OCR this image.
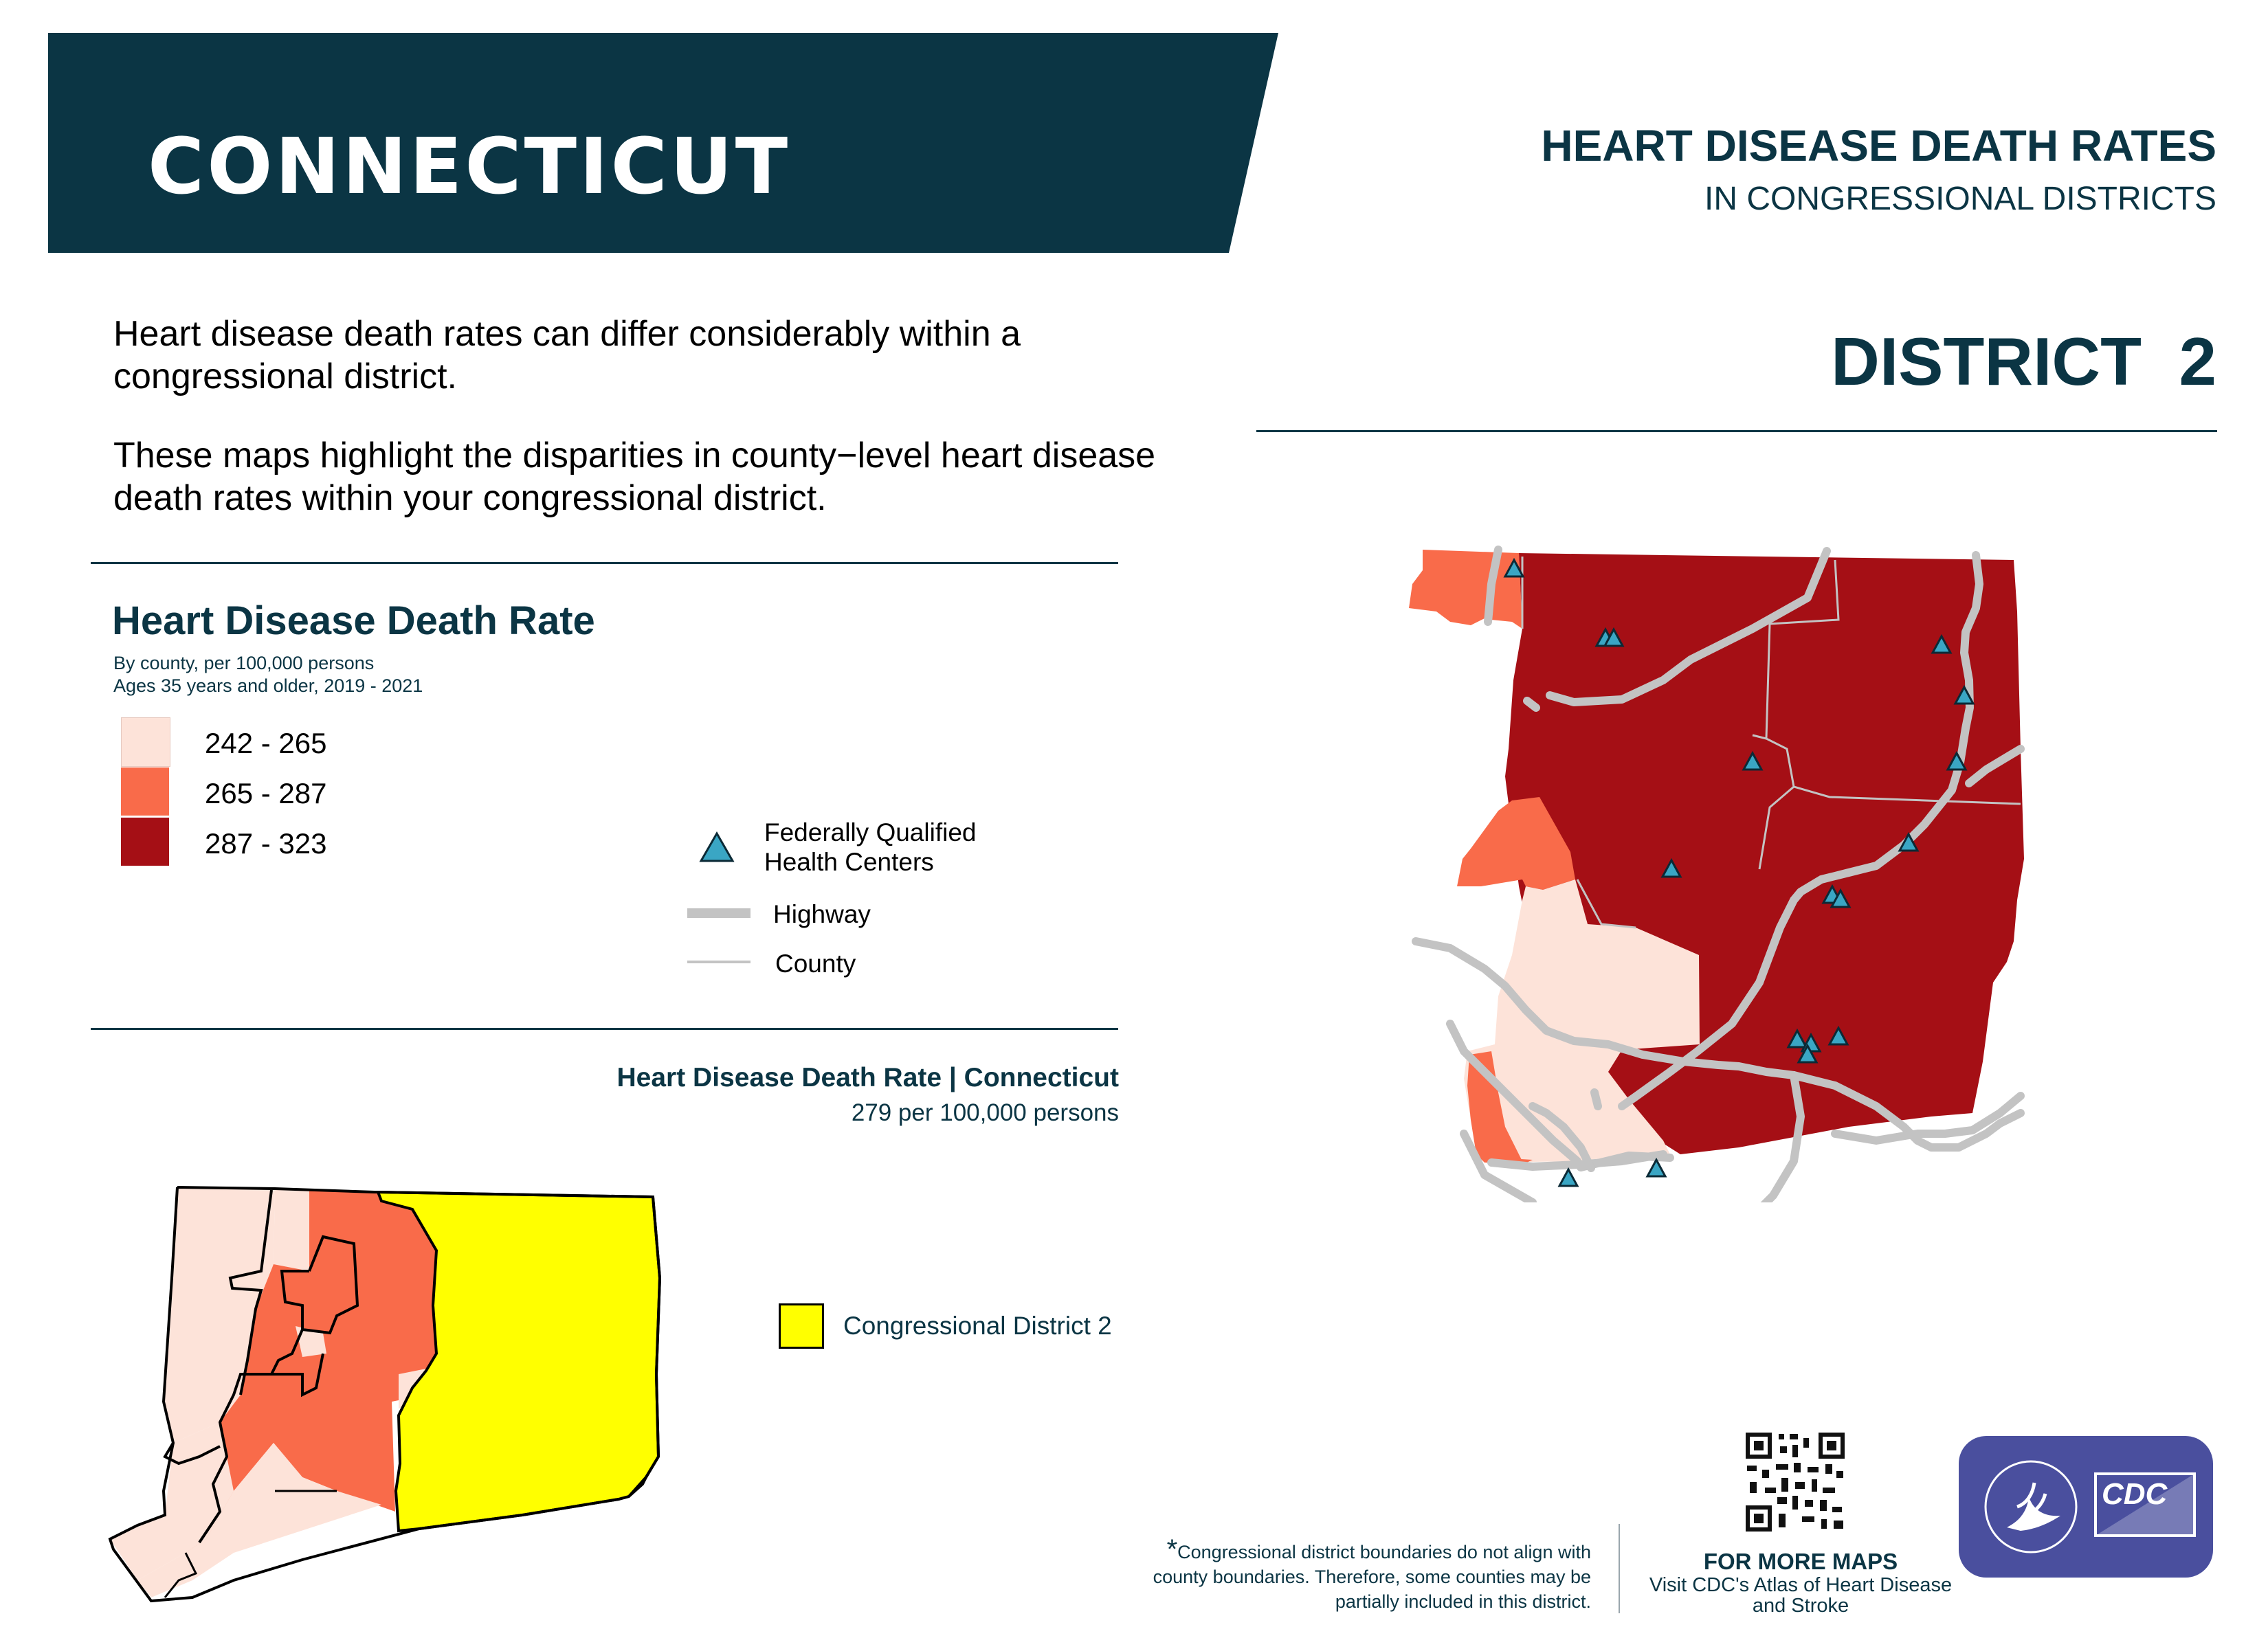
CONNECTICUT	HEART DISEASE DEATH RATES
IN CONGRESSIONAL DISTRICTS
DISTRICT  2
Heart disease death rates can differ considerably within a congressional district.
These maps highlight the disparities in county−level heart disease death rates within your congressional district.
Heart Disease Death Rate
By county, per 100,000 persons
Ages 35 years and older, 2019 - 2021
242 - 265
265 - 287
287 - 323	Federally Qualified Health Centers
Highway
County
Heart Disease Death Rate | Connecticut
279 per 100,000 persons
Congressional District 2
*Congressional district boundaries do not align with county boundaries. Therefore, some counties may be partially included in this district.
FOR MORE MAPS
Visit CDC's Atlas of Heart Disease and Stroke
CDC
